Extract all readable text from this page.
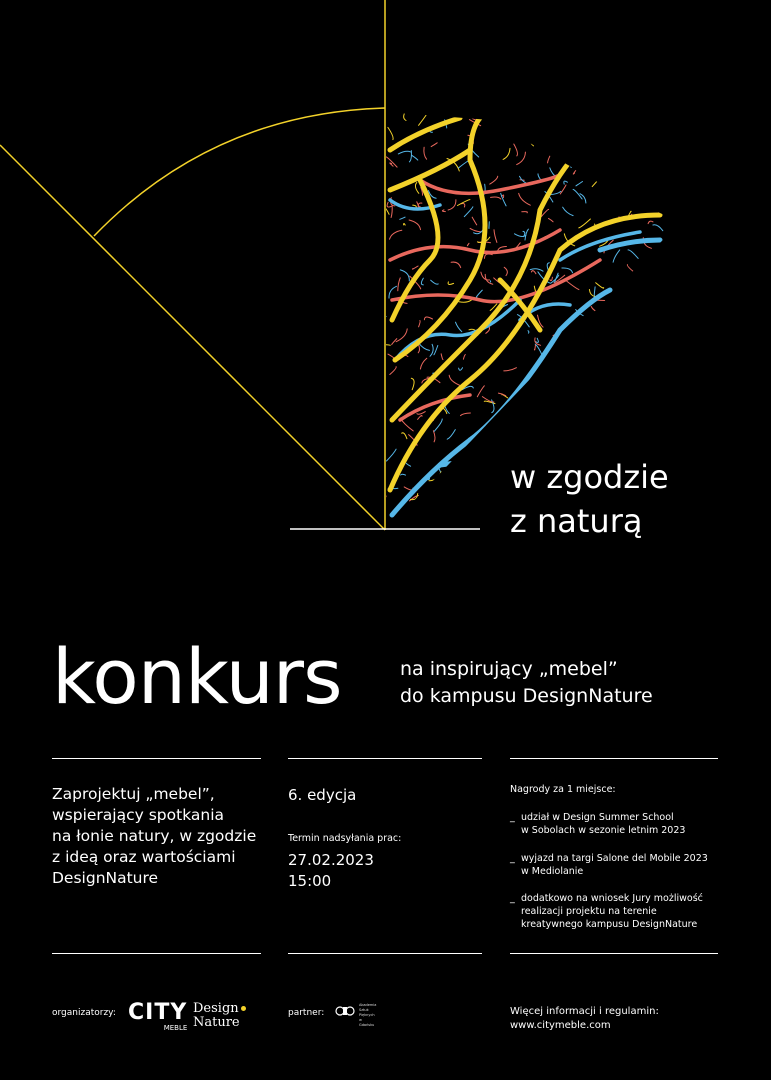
w zgodzie
z naturą
konkurs	na inspirujący „mebel”
do kampusu DesignNature
Zaprojektuj „mebel”,
wspierający spotkania
na łonie natury, w zgodzie
z ideą oraz wartościami
DesignNature
6. edycja
Termin nadsyłania prac:
27.02.2023
15:00
Nagrody za 1 miejsce:
_ udział w Design Summer School
w Sobolach w sezonie letnim 2023
_ wyjazd na targi Salone del Mobile 2023
w Mediolanie
_ dodatkowo na wniosek Jury możliwość
realizacji projektu na terenie
kreatywnego kampusu DesignNature
organizatorzy: CITY
MEBLE
Design
Nature
partner:
Akademia
Sztuk
Pięknych
w Gdańsku
Więcej informacji i regulamin:
www.citymeble.com
